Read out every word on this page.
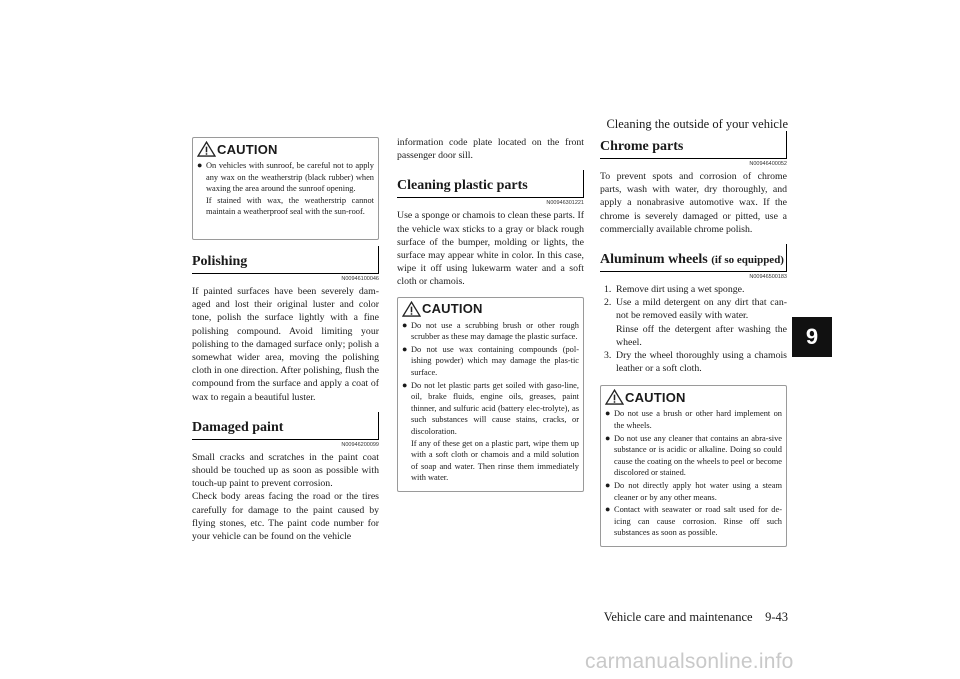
Cleaning the outside of your vehicle
Vehicle care and maintenance 9-43
9
CAUTION
● On vehicles with sunroof, be careful not to apply any wax on the weatherstrip (black rubber) when waxing the area around the sunroof opening.

If stained with wax, the weatherstrip cannot maintain a weatherproof seal with the sun-roof.

Polishing
N00946100046

If painted surfaces have been severely dam-aged and lost their original luster and color tone, polish the surface lightly with a fine polishing compound. Avoid limiting your polishing to the damaged surface only; polish a somewhat wider area, moving the polishing cloth in one direction. After polishing, flush the compound from the surface and apply a coat of wax to regain a beautiful luster.

Damaged paint
N00946200099

Small cracks and scratches in the paint coat should be touched up as soon as possible with touch-up paint to prevent corrosion.

Check body areas facing the road or the tires carefully for damage to the paint caused by flying stones, etc. The paint code number for your vehicle can be found on the vehicle

information code plate located on the front passenger door sill.

Cleaning plastic parts
N00946301221

Use a sponge or chamois to clean these parts. If the vehicle wax sticks to a gray or black rough surface of the bumper, molding or lights, the surface may appear white in color. In this case, wipe it off using lukewarm water and a soft cloth or chamois.

CAUTION
● Do not use a scrubbing brush or other rough scrubber as these may damage the plastic surface.

● Do not use wax containing compounds (pol-ishing powder) which may damage the plas-tic surface.

● Do not let plastic parts get soiled with gaso-line, oil, brake fluids, engine oils, greases, paint thinner, and sulfuric acid (battery elec-trolyte), as such substances will cause stains, cracks, or discoloration.

If any of these get on a plastic part, wipe them up with a soft cloth or chamois and a mild solution of soap and water. Then rinse them immediately with water.

Chrome parts
N00946400052

To prevent spots and corrosion of chrome parts, wash with water, dry thoroughly, and apply a nonabrasive automotive wax. If the chrome is severely damaged or pitted, use a commercially available chrome polish.

Aluminum wheels (if so equipped)
N00946500183
1. Remove dirt using a wet sponge.

2. Use a mild detergent on any dirt that can-not be removed easily with water.

Rinse off the detergent after washing the wheel.

3. Dry the wheel thoroughly using a chamois leather or a soft cloth.

CAUTION
● Do not use a brush or other hard implement on the wheels.

● Do not use any cleaner that contains an abra-sive substance or is acidic or alkaline. Doing so could cause the coating on the wheels to peel or become discolored or stained.

● Do not directly apply hot water using a steam cleaner or by any other means.

● Contact with seawater or road salt used for de-icing can cause corrosion. Rinse off such substances as soon as possible.

carmanualsonline.info
